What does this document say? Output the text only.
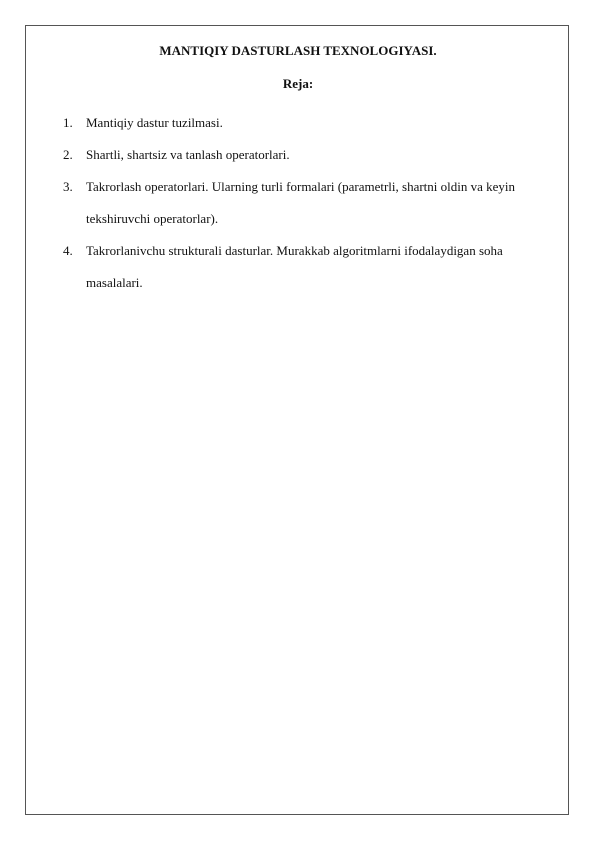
MANTIQIY DASTURLASH TEXNOLOGIYASI.
Reja:
1. Mantiqiy dastur tuzilmasi.
2. Shartli, shartsiz va tanlash operatorlari.
3. Takrorlash operatorlari. Ularning turli formalari (parametrli, shartni oldin va keyin tekshiruvchi operatorlar).
4. Takrorlanivchu strukturali dasturlar. Murakkab algoritmlarni ifodalaydigan soha masalalari.
